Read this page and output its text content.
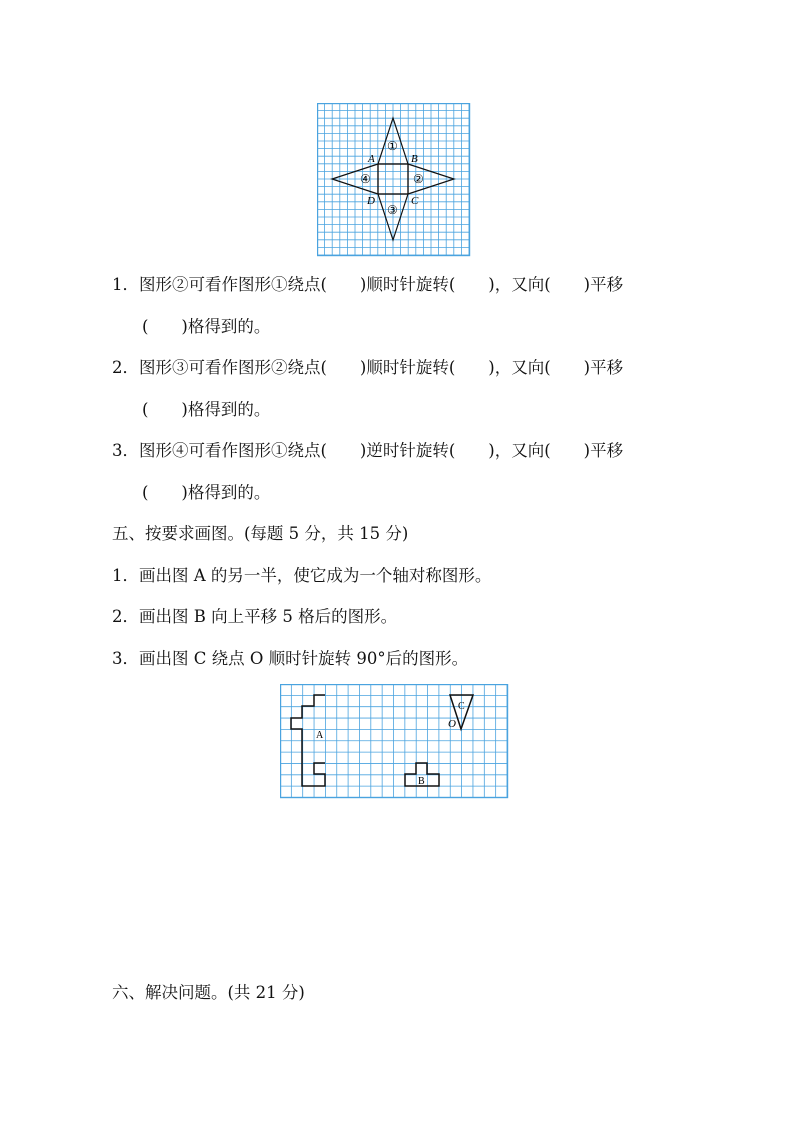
A	B
C
D
①
②
③
④
1．图形②可看作图形①绕点(　　)顺时针旋转(　　)，又向(　　)平移
(　　)格得到的。
2．图形③可看作图形②绕点(　　)顺时针旋转(　　)，又向(　　)平移
(　　)格得到的。
3．图形④可看作图形①绕点(　　)逆时针旋转(　　)，又向(　　)平移
(　　)格得到的。
五、按要求画图。(每题 5 分，共 15 分)
1．画出图 A 的另一半，使它成为一个轴对称图形。
2．画出图 B 向上平移 5 格后的图形。
3．画出图 C 绕点 O 顺时针旋转 90°后的图形。
A
B
C
O
六、解决问题。(共 21 分)
